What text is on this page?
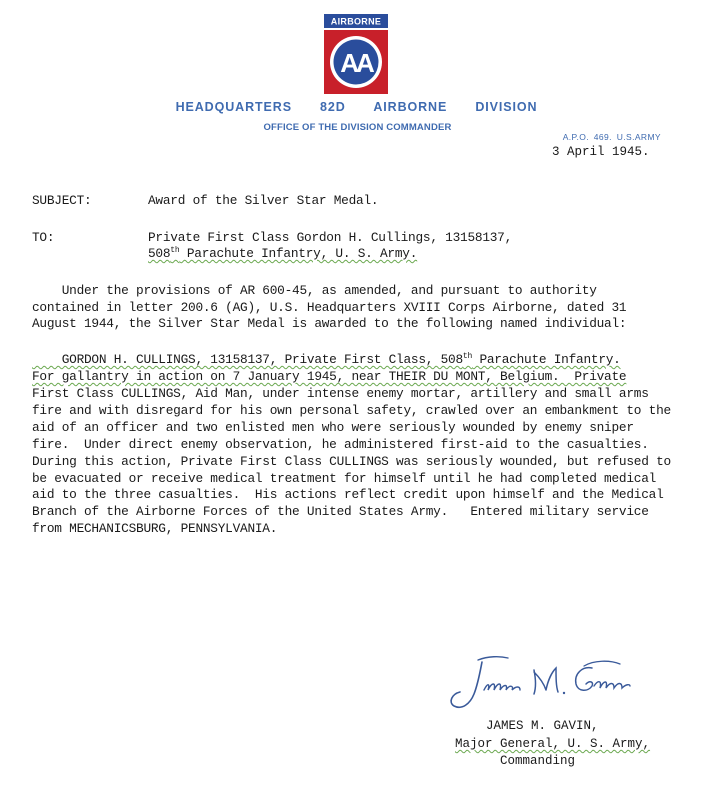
AIRBORNE
AA
HEADQUARTERS   82D   AIRBORNE   DIVISION
OFFICE OF THE DIVISION COMMANDER
A.P.O. 469. U.S.ARMY
3 April 1945.
SUBJECT:	Award of the Silver Star Medal.
TO:	Private First Class Gordon H. Cullings, 13158137,
508th Parachute Infantry, U. S. Army.
Under the provisions of AR 600-45, as amended, and pursuant to authority
contained in letter 200.6 (AG), U.S. Headquarters XVIII Corps Airborne, dated 31
August 1944, the Silver Star Medal is awarded to the following named individual:
GORDON H. CULLINGS, 13158137, Private First Class, 508th Parachute Infantry.
For gallantry in action on 7 January 1945, near THEIR DU MONT, Belgium.  Private
First Class CULLINGS, Aid Man, under intense enemy mortar, artillery and small arms
fire and with disregard for his own personal safety, crawled over an embankment to the
aid of an officer and two enlisted men who were seriously wounded by enemy sniper
fire.  Under direct enemy observation, he administered first-aid to the casualties.
During this action, Private First Class CULLINGS was seriously wounded, but refused to
be evacuated or receive medical treatment for himself until he had completed medical
aid to the three casualties.  His actions reflect credit upon himself and the Medical
Branch of the Airborne Forces of the United States Army.   Entered military service
from MECHANICSBURG, PENNSYLVANIA.
JAMES M. GAVIN,
Major General, U. S. Army,
Commanding
